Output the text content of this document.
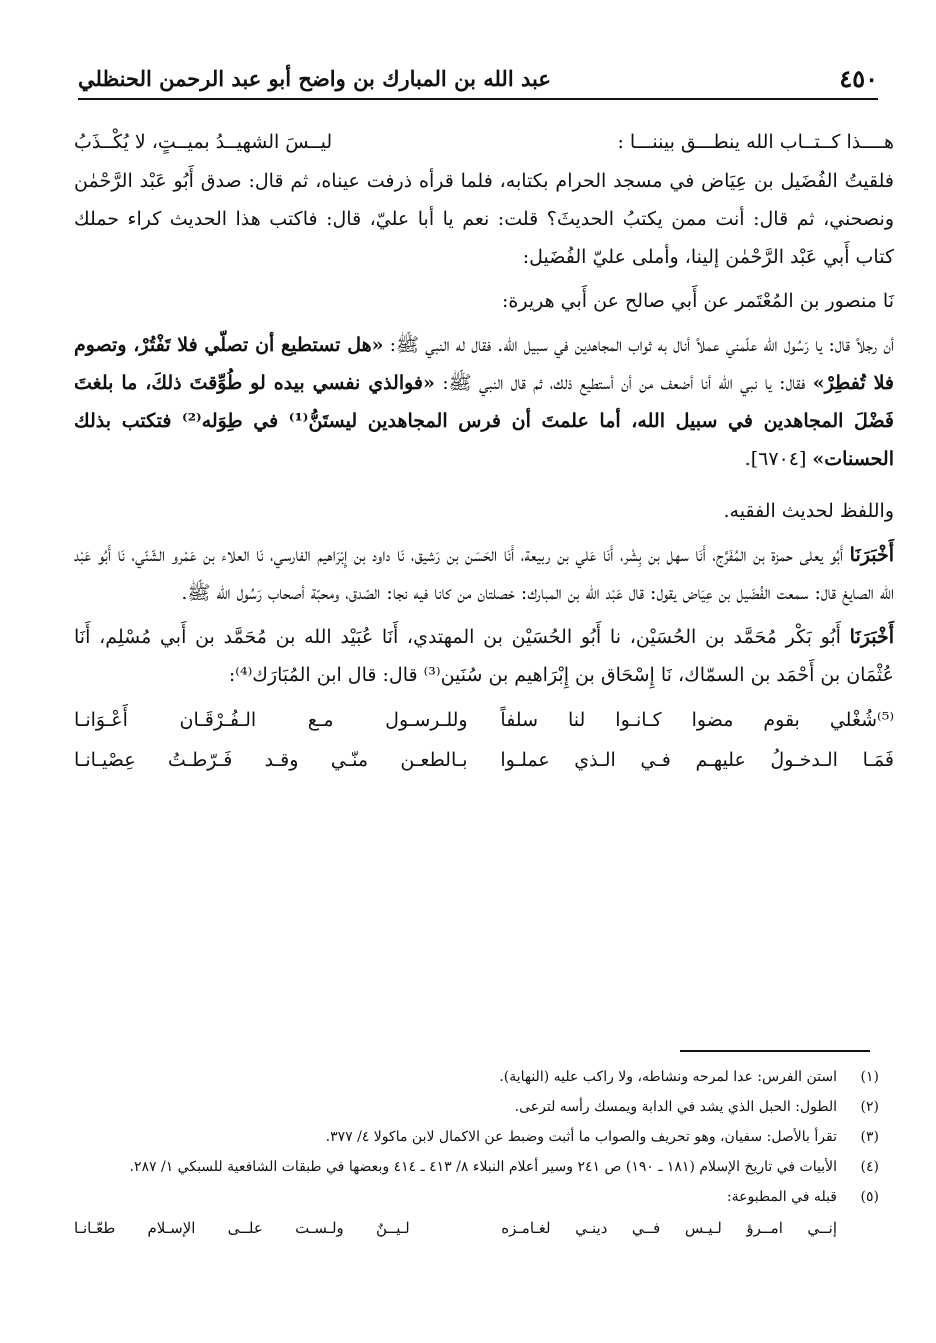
٤٥٠
عبد الله بن المبارك بن واضح أبو عبد الرحمن الحنظلي
هــــذا كــتــاب الله ينطـــق بيننـــا :
ليــسَ الشهيــدُ بميــتٍ، لا يُكْــذَبُ

فلقيتُ الفُضَيل بن عِيَاض في مسجد الحرام بكتابه، فلما قرأه ذرفت عيناه، ثم قال: صدق أَبُو عَبْد الرَّحْمٰن ونصحني، ثم قال: أنت ممن يكتبُ الحديثَ؟ قلت: نعم يا أبا عليّ، قال: فاكتب هذا الحديث كراء حملك كتاب أَبي عَبْد الرَّحْمٰن إلينا، وأملى عليّ الفُضَيل:

نَا منصور بن المُعْتَمر عن أَبي صالح عن أَبي هريرة:

أن رجلاً قال: يا رَسُول الله علّمني عملاً أنال به ثواب المجاهدين في سبيل الله. فقال له النبي ﷺ: «هل تستطيع أن تصلّي فلا تَفْتُرْ، وتصوم فلا تُفطِرْ» فقال: يا نبي الله أنا أضعف من أن أستطيع ذلك، ثم قال النبي ﷺ: «فوالذي نفسي بيده لو طُوِّقتَ ذلكَ، ما بلغتَ فَضْلَ المجاهدين في سبيل الله، أما علمتَ أن فرس المجاهدين ليستَنُّ⁽¹⁾ في طِوَله⁽²⁾ فتكتب بذلك الحسنات» [٦٧٠٤].

واللفظ لحديث الفقيه.

أَخْبَرَنَا أَبُو يعلى حمزة بن المُفَرَّج، أَنَا سهل بن بِشْر، أَنَا عَلي بن ربيعة، أَنَا الحَسَن بن رَشيق، نَا داود بن إِبْرَاهيم الفارسي، نَا العلاء بن عَمْرو الشّنّي، نَا أَبُو عَبْد الله الصايغ قال: سمعت الفُضَيل بن عِيَاض يقول: قال عَبْد الله بن المبارك: خصلتان من كانا فيه نجا: الصّدق، ومحبّة أصحاب رَسُول الله ﷺ.

أَخْبَرَنَا أَبُو بَكْر مُحَمَّد بن الحُسَيْن، نا أَبُو الحُسَيْن بن المهتدي، أَنَا عُبَيْد الله بن مُحَمَّد بن أَبي مُسْلِم، أَنَا عُثْمَان بن أَحْمَد بن السمّاك، نَا إِسْحَاق بن إِبْرَاهيم بن سُنَين⁽³⁾ قال: قال ابن المُبَارَك⁽⁴⁾:

⁽⁵⁾شُغْلي بقوم مضوا كـانـوا لنا سلفاً
وللـرسـول مـع الـفُـرْقَـان أَعْـوَانـا
فَمَـا الـدخـولُ عليهـم فـي الـذي عملـوا
بـالطعـن منّـي وقـد فَـرّطـتُ عِصْيـانـا
(١)
استن الفرس: عدا لمرحه ونشاطه، ولا راكب عليه (النهاية).
(٢)
الطول: الحبل الذي يشد في الدابة ويمسك رأسه لترعى.
(٣)
تقرأ بالأصل: سفيان، وهو تحريف والصواب ما أثبت وضبط عن الاكمال لابن ماكولا ٤/ ٣٧٧.
(٤)
الأبيات في تاريخ الإسلام (١٨١ ـ ١٩٠) ص ٢٤١ وسير أعلام النبلاء ٨/ ٤١٣ ـ ٤١٤ وبعضها في طبقات الشافعية للسبكي ١/ ٢٨٧.
(٥)
قبله في المطبوعة:
إنــي امــرؤ لـيـس فــي دينـي لغـامـزه
لـيــنٌ ولـسـت علــى الإسـلام طعّـانـا
